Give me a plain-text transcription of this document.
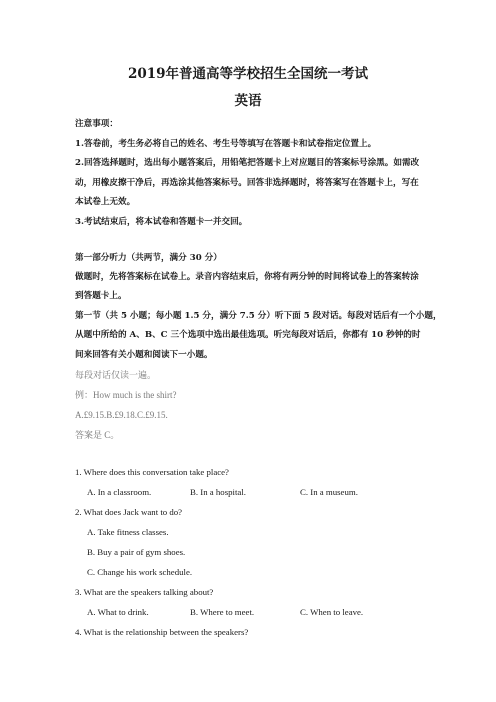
2019年普通高等学校招生全国统一考试
英语
注意事项：
1.答卷前，考生务必将自己的姓名、考生号等填写在答题卡和试卷指定位置上。
2.回答选择题时，选出每小题答案后，用铅笔把答题卡上对应题目的答案标号涂黑。如需改
动，用橡皮擦干净后，再选涂其他答案标号。回答非选择题时，将答案写在答题卡上，写在
本试卷上无效。
3.考试结束后，将本试卷和答题卡一并交回。
第一部分听力（共两节，满分 30 分）
做题时，先将答案标在试卷上。录音内容结束后，你将有两分钟的时间将试卷上的答案转涂
到答题卡上。
第一节（共 5 小题；每小题 1.5 分，满分 7.5 分）听下面 5 段对话。每段对话后有一个小题，
从题中所给的 A、B、C 三个选项中选出最佳选项。听完每段对话后，你都有 10 秒钟的时
间来回答有关小题和阅读下一小题。
每段对话仅读一遍。
例：How much is the shirt?
A.£9.15.B.£9.18.C.£9.15.
答案是 C。
1. Where does this conversation take place?
A. In a classroom.	B. In a hospital.	C. In a museum.
2. What does Jack want to do?
A. Take fitness classes.
B. Buy a pair of gym shoes.
C. Change his work schedule.
3. What are the speakers talking about?
A. What to drink.	B. Where to meet.	C. When to leave.
4. What is the relationship between the speakers?
